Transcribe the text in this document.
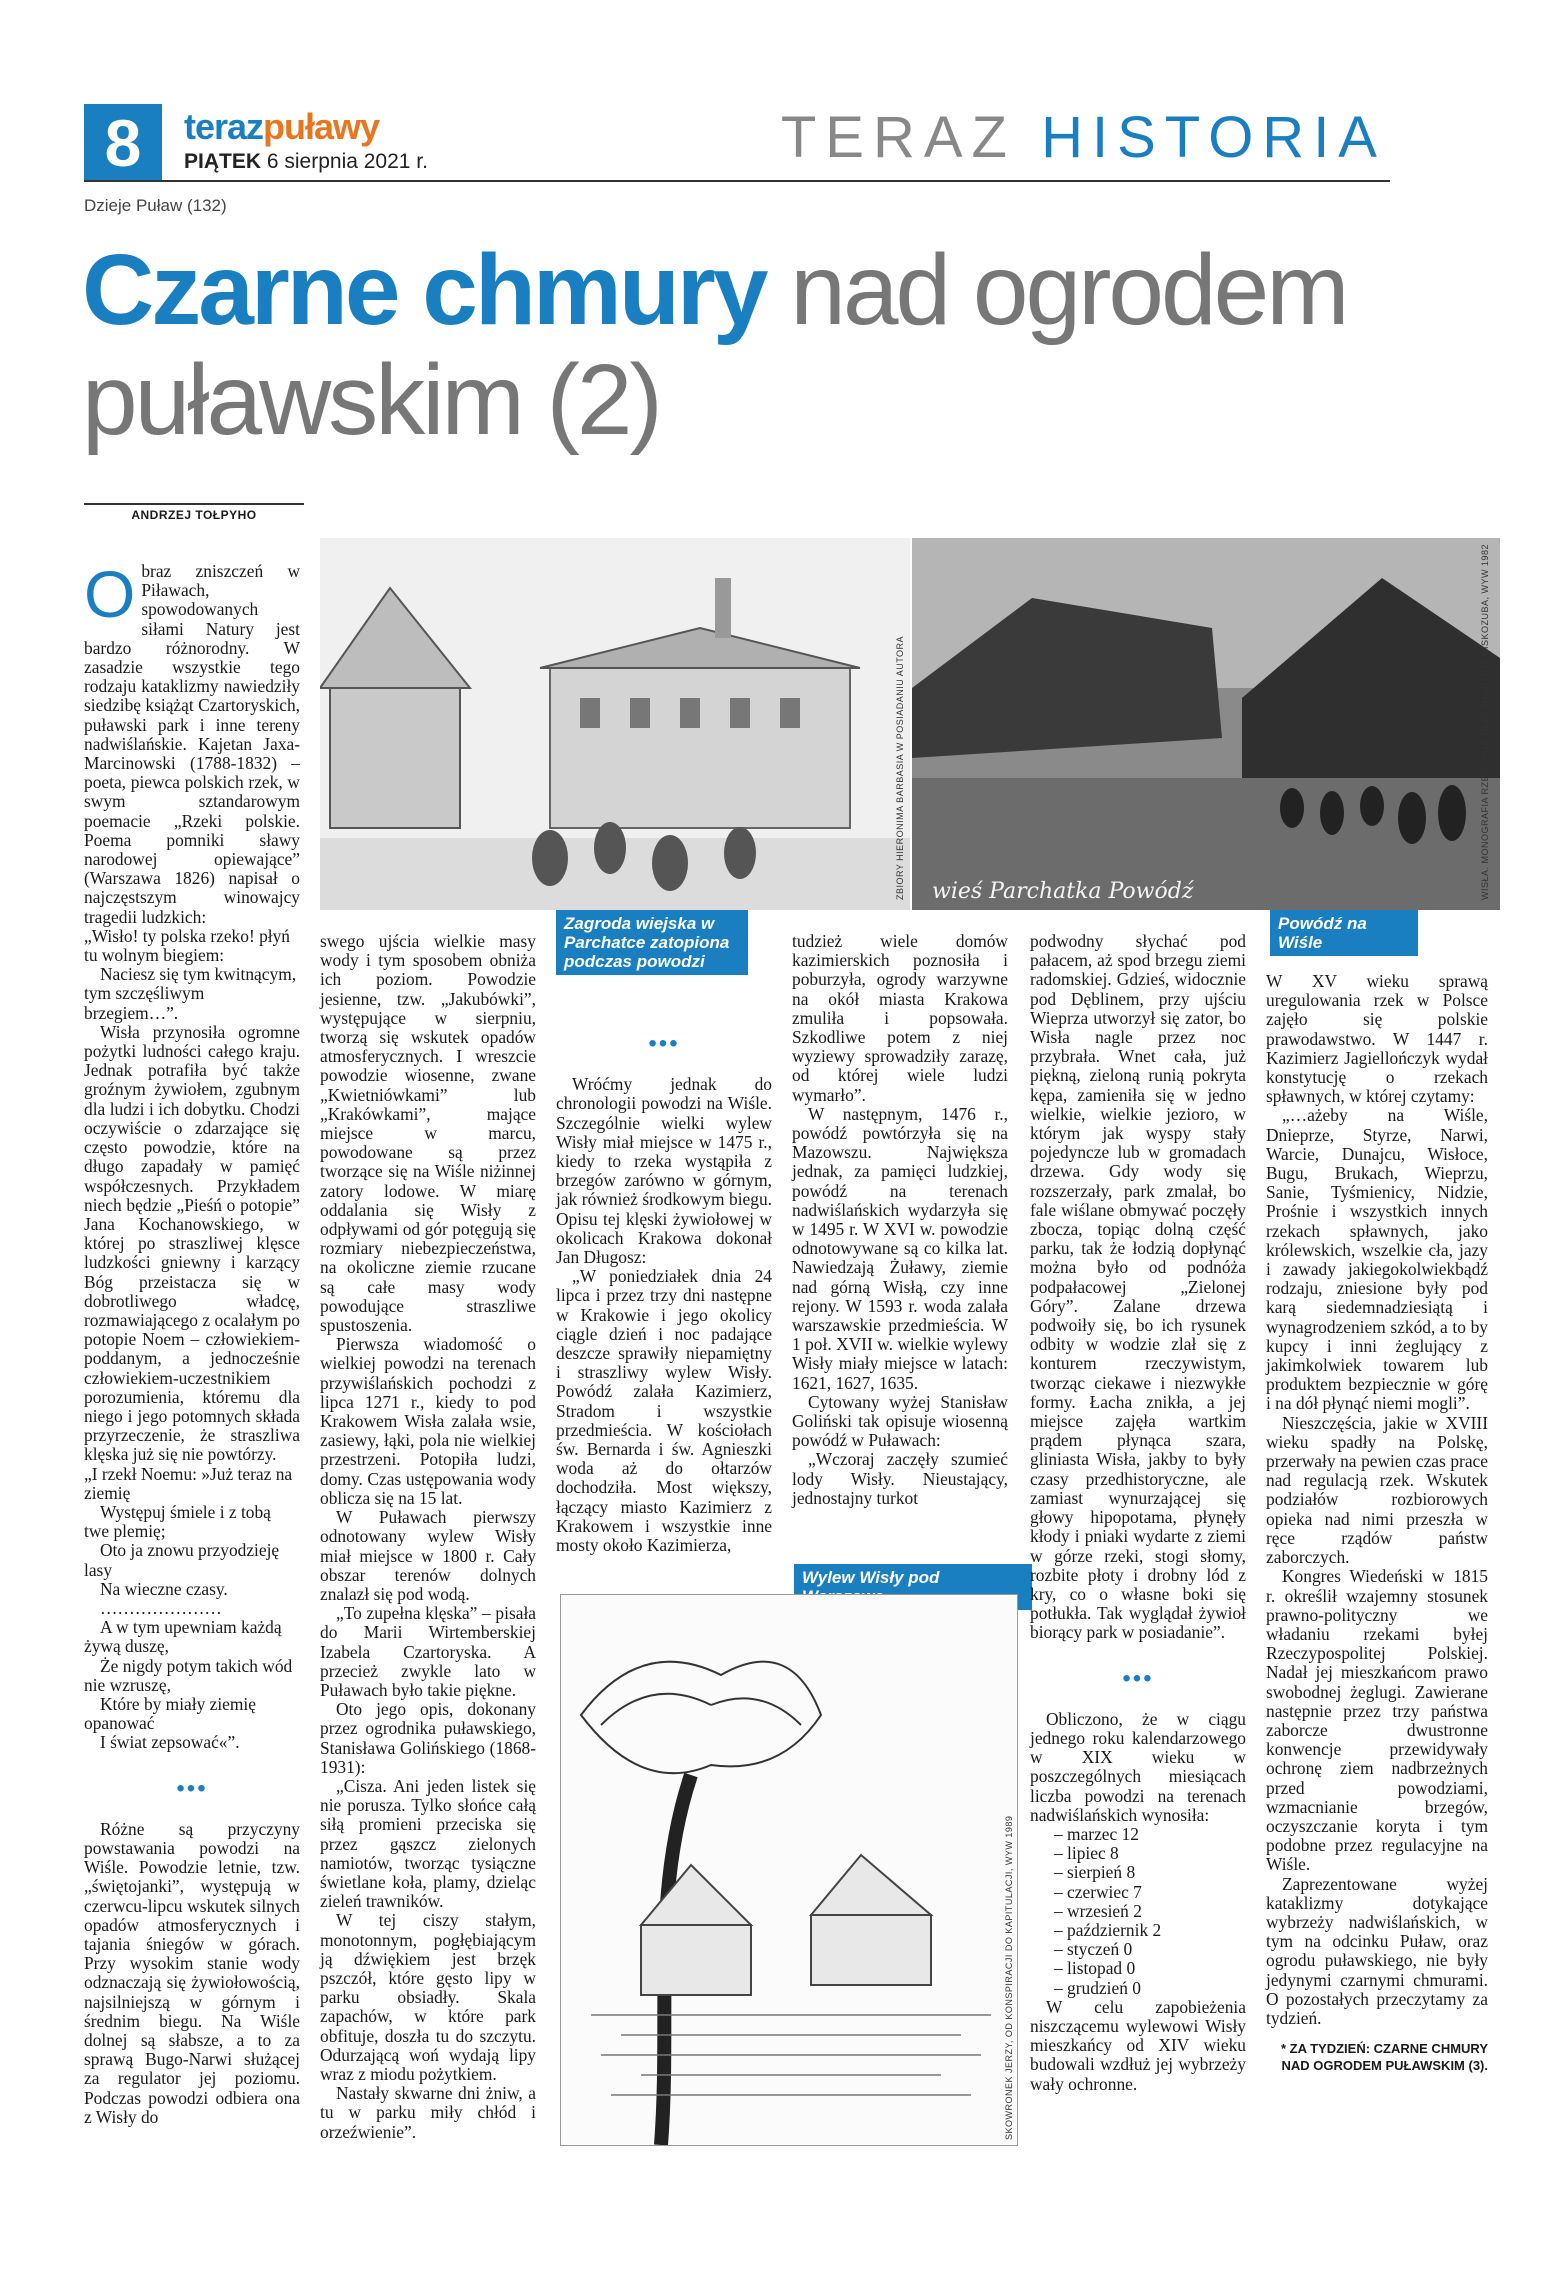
8	terazpuławy
PIĄTEK 6 sierpnia 2021 r.	TERAZ HISTORIA
Dzieje Puław (132)
Czarne chmury nad ogrodem puławskim (2)
ANDRZEJ TOŁPYHO
ZBIORY HIERONIMA BARBASIA W POSIADANIU AUTORA
Zagroda wiejska w Parchatce zatopiona podczas powodzi
wieś Parchatka Powódź	WISŁA. MONOGRAFIA RZEKI, POD RED. ANDRZEJA PISKOZUBA, WYW 1982
Powódź na Wiśle
Wylew Wisły pod
SKOWRONEK JERZY, OD KONSPIRACJI DO KAPITULACJI, WYW 1989

Obraz zniszczeń w Piławach, spowodowanych siłami Natury jest bardzo różnorodny. W zasadzie wszystkie tego rodzaju kataklizmy nawiedziły siedzibę książąt Czartoryskich, puławski park i inne tereny nadwiślańskie. Kajetan Jaxa-Marcinowski (1788-1832) – poeta, piewca polskich rzek, w swym sztandarowym poemacie „Rzeki polskie. Poema pomniki sławy narodowej opiewające” (Warszawa 1826) napisał o najczęstszym winowajcy tragedii ludzkich:

„Wisło! ty polska rzeko! płyń tu wolnym biegiem:

Naciesz się tym kwitnącym, tym szczęśliwym brzegiem…”.

Wisła przynosiła ogromne pożytki ludności całego kraju. Jednak potrafiła być także groźnym żywiołem, zgubnym dla ludzi i ich dobytku. Chodzi oczywiście o zdarzające się często powodzie, które na długo zapadały w pamięć współczesnych. Przykładem niech będzie „Pieśń o potopie” Jana Kochanowskiego, w której po straszliwej klęsce ludzkości gniewny i karzący Bóg przeistacza się w dobrotliwego władcę, rozmawiającego z ocalałym po potopie Noem – człowiekiem-poddanym, a jednocześnie człowiekiem-uczestnikiem porozumienia, któremu dla niego i jego potomnych składa przyrzeczenie, że straszliwa klęska już się nie powtórzy.

„I rzekł Noemu: »Już teraz na ziemię

Występuj śmiele i z tobą twe plemię;

Oto ja znowu przyodzieję lasy

Na wieczne czasy.

…………………

A w tym upewniam każdą żywą duszę,

Że nigdy potym takich wód nie wzruszę,

Które by miały ziemię opanować

I świat zepsować«”.

•••

Różne są przyczyny powstawania powodzi na Wiśle. Powodzie letnie, tzw. „świętojanki”, występują w czerwcu-lipcu wskutek silnych opadów atmosferycznych i tajania śniegów w górach. Przy wysokim stanie wody odznaczają się żywiołowością, najsilniejszą w górnym i średnim biegu. Na Wiśle dolnej są słabsze, a to za sprawą Bugo-Narwi służącej za regulator jej poziomu. Podczas powodzi odbiera ona z Wisły do

swego ujścia wielkie masy wody i tym sposobem obniża ich poziom. Powodzie jesienne, tzw. „Jakubówki”, występujące w sierpniu, tworzą się wskutek opadów atmosferycznych. I wreszcie powodzie wiosenne, zwane „Kwietniówkami” lub „Krakówkami”, mające miejsce w marcu, powodowane są przez tworzące się na Wiśle niżinnej zatory lodowe. W miarę oddalania się Wisły z odpływami od gór potęgują się rozmiary niebezpieczeństwa, na okoliczne ziemie rzucane są całe masy wody powodujące straszliwe spustoszenia.

Pierwsza wiadomość o wielkiej powodzi na terenach przywiślańskich pochodzi z lipca 1271 r., kiedy to pod Krakowem Wisła zalała wsie, zasiewy, łąki, pola nie wielkiej przestrzeni. Potopiła ludzi, domy. Czas ustępowania wody oblicza się na 15 lat.

W Puławach pierwszy odnotowany wylew Wisły miał miejsce w 1800 r. Cały obszar terenów dolnych znalazł się pod wodą.

„To zupełna klęska” – pisała do Marii Wirtemberskiej Izabela Czartoryska. A przecież zwykle lato w Puławach było takie piękne.

Oto jego opis, dokonany przez ogrodnika puławskiego, Stanisława Golińskiego (1868-1931):

„Cisza. Ani jeden listek się nie porusza. Tylko słońce całą siłą promieni przeciska się przez gąszcz zielonych namiotów, tworząc tysiączne świetlane koła, plamy, dzieląc zieleń trawników.

W tej ciszy stałym, monotonnym, pogłębiającym ją dźwiękiem jest brzęk pszczół, które gęsto lipy w parku obsiadły. Skala zapachów, w które park obfituje, doszła tu do szczytu. Odurzającą woń wydają lipy wraz z miodu pożytkiem.

Nastały skwarne dni żniw, a tu w parku miły chłód i orzeźwienie”.

•••

Wróćmy jednak do chronologii powodzi na Wiśle. Szczególnie wielki wylew Wisły miał miejsce w 1475 r., kiedy to rzeka wystąpiła z brzegów zarówno w górnym, jak również środkowym biegu. Opisu tej klęski żywiołowej w okolicach Krakowa dokonał Jan Długosz:

„W poniedziałek dnia 24 lipca i przez trzy dni następne w Krakowie i jego okolicy ciągle dzień i noc padające deszcze sprawiły niepamiętny i straszliwy wylew Wisły. Powódź zalała Kazimierz, Stradom i wszystkie przedmieścia. W kościołach św. Bernarda i św. Agnieszki woda aż do ołtarzów dochodziła. Most większy, łączący miasto Kazimierz z Krakowem i wszystkie inne mosty około Kazimierza,

tudzież wiele domów kazimierskich poznosiła i poburzyła, ogrody warzywne na okół miasta Krakowa zmuliła i popsowała. Szkodliwe potem z niej wyziewy sprowadziły zarazę, od której wiele ludzi wymarło”.

W następnym, 1476 r., powódź powtórzyła się na Mazowszu. Największa jednak, za pamięci ludzkiej, powódź na terenach nadwiślańskich wydarzyła się w 1495 r. W XVI w. powodzie odnotowywane są co kilka lat. Nawiedzają Żuławy, ziemie nad górną Wisłą, czy inne rejony. W 1593 r. woda zalała warszawskie przedmieścia. W 1 poł. XVII w. wielkie wylewy Wisły miały miejsce w latach: 1621, 1627, 1635.

Cytowany wyżej Stanisław Goliński tak opisuje wiosenną powódź w Puławach:

„Wczoraj zaczęły szumieć lody Wisły. Nieustający, jednostajny turkot

podwodny słychać pod pałacem, aż spod brzegu ziemi radomskiej. Gdzieś, widocznie pod Dęblinem, przy ujściu Wieprza utworzył się zator, bo Wisła nagle przez noc przybrała. Wnet cała, już piękną, zieloną runią pokryta kępa, zamieniła się w jedno wielkie, wielkie jezioro, w którym jak wyspy stały pojedyncze lub w gromadach drzewa. Gdy wody się rozszerzały, park zmalał, bo fale wiślane obmywać poczęły zbocza, topiąc dolną część parku, tak że łodzią dopłynąć można było od podnóża podpałacowej „Zielonej Góry”. Zalane drzewa podwoiły się, bo ich rysunek odbity w wodzie zlał się z konturem rzeczywistym, tworząc ciekawe i niezwykłe formy. Łacha znikła, a jej miejsce zajęła wartkim prądem płynąca szara, gliniasta Wisła, jakby to były czasy przedhistoryczne, ale zamiast wynurzającej się głowy hipopotama, płynęły kłody i pniaki wydarte z ziemi w górze rzeki, stogi słomy, rozbite płoty i drobny lód z kry, co o własne boki się potłukła. Tak wyglądał żywioł biorący park w posiadanie”.

•••

Obliczono, że w ciągu jednego roku kalendarzowego w XIX wieku w poszczególnych miesiącach liczba powodzi na terenach nadwiślańskich wynosiła:

– marzec 12
– lipiec 8
– sierpień 8
– czerwiec 7
– wrzesień 2
– październik 2
– styczeń 0
– listopad 0
– grudzień 0

W celu zapobieżenia niszczącemu wylewowi Wisły mieszkańcy od XIV wieku budowali wzdłuż jej wybrzeży wały ochronne.

W XV wieku sprawą uregulowania rzek w Polsce zajęło się polskie prawodawstwo. W 1447 r. Kazimierz Jagiellończyk wydał konstytucję o rzekach spławnych, w której czytamy:

„…ażeby na Wiśle, Dnieprze, Styrze, Narwi, Warcie, Dunajcu, Wisłoce, Bugu, Brukach, Wieprzu, Sanie, Tyśmienicy, Nidzie, Prośnie i wszystkich innych rzekach spławnych, jako królewskich, wszelkie cła, jazy i zawady jakiegokolwiekbądź rodzaju, zniesione były pod karą siedemnadziesiątą i wynagrodzeniem szkód, a to by kupcy i inni żeglujący z jakimkolwiek towarem lub produktem bezpiecznie w górę i na dół płynąć niemi mogli”.

Nieszczęścia, jakie w XVIII wieku spadły na Polskę, przerwały na pewien czas prace nad regulacją rzek. Wskutek podziałów rozbiorowych opieka nad nimi przeszła w ręce rządów państw zaborczych.

Kongres Wiedeński w 1815 r. określił wzajemny stosunek prawno-polityczny we władaniu rzekami byłej Rzeczypospolitej Polskiej. Nadał jej mieszkańcom prawo swobodnej żeglugi. Zawierane następnie przez trzy państwa zaborcze dwustronne konwencje przewidywały ochronę ziem nadbrzeżnych przed powodziami, wzmacnianie brzegów, oczyszczanie koryta i tym podobne przez regulacyjne na Wiśle.

Zaprezentowane wyżej kataklizmy dotykające wybrzeży nadwiślańskich, w tym na odcinku Puław, oraz ogrodu puławskiego, nie były jedynymi czarnymi chmurami. O pozostałych przeczytamy za tydzień.

* ZA TYDZIEŃ: CZARNE CHMURY
NAD OGRODEM PUŁAWSKIM (3).
